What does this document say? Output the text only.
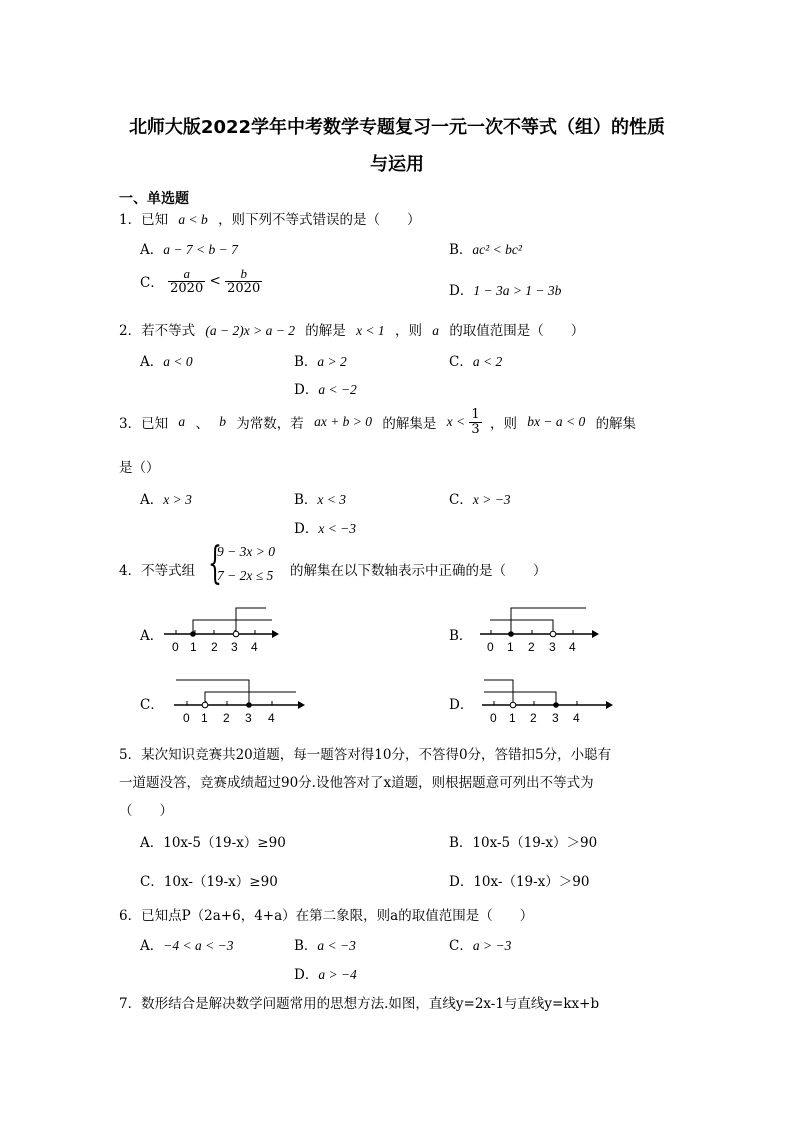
北师大版2022学年中考数学专题复习一元一次不等式（组）的性质
与运用
一、单选题
1．已知 a < b ，则下列不等式错误的是（　　）
A．a − 7 < b − 7	B．ac² < bc²
C． $\frac{a}{2020} < \frac{b}{2020}$	D．1 − 3a > 1 − 3b
2．若不等式 (a − 2)x > a − 2 的解是 x < 1 ，则 a 的取值范围是（　　）
A．a < 0	B．a > 2	C．a < 2
D．a < −2
3．已知 a 、 b 为常数，若 ax + b > 0 的解集是 $x < \frac{1}{3}$ ，则 bx − a < 0 的解集
是（）
A．x > 3	B．x < 3	C．x > −3
D．x < −3
4．不等式组 {
9 − 3x > 0
7 − 2x ≤ 5 的解集在以下数轴表示中正确的是（　　）
A．
0 1 2 3 4
B．
0 1 2 3 4
C．
0 1 2 3 4
D．
0 1 2 3 4
5．某次知识竞赛共20道题，每一题答对得10分，不答得0分，答错扣5分，小聪有
一道题没答，竞赛成绩超过90分.设他答对了x道题，则根据题意可列出不等式为
（　　）
A．10x-5（19-x）≥90	B．10x-5（19-x）＞90
C．10x-（19-x）≥90	D．10x-（19-x）＞90
6．已知点P（2a+6，4+a）在第二象限，则a的取值范围是（　　）
A．−4 < a < −3	B．a < −3	C．a > −3
D．a > −4
7．数形结合是解决数学问题常用的思想方法.如图，直线y=2x-1与直线y=kx+b
